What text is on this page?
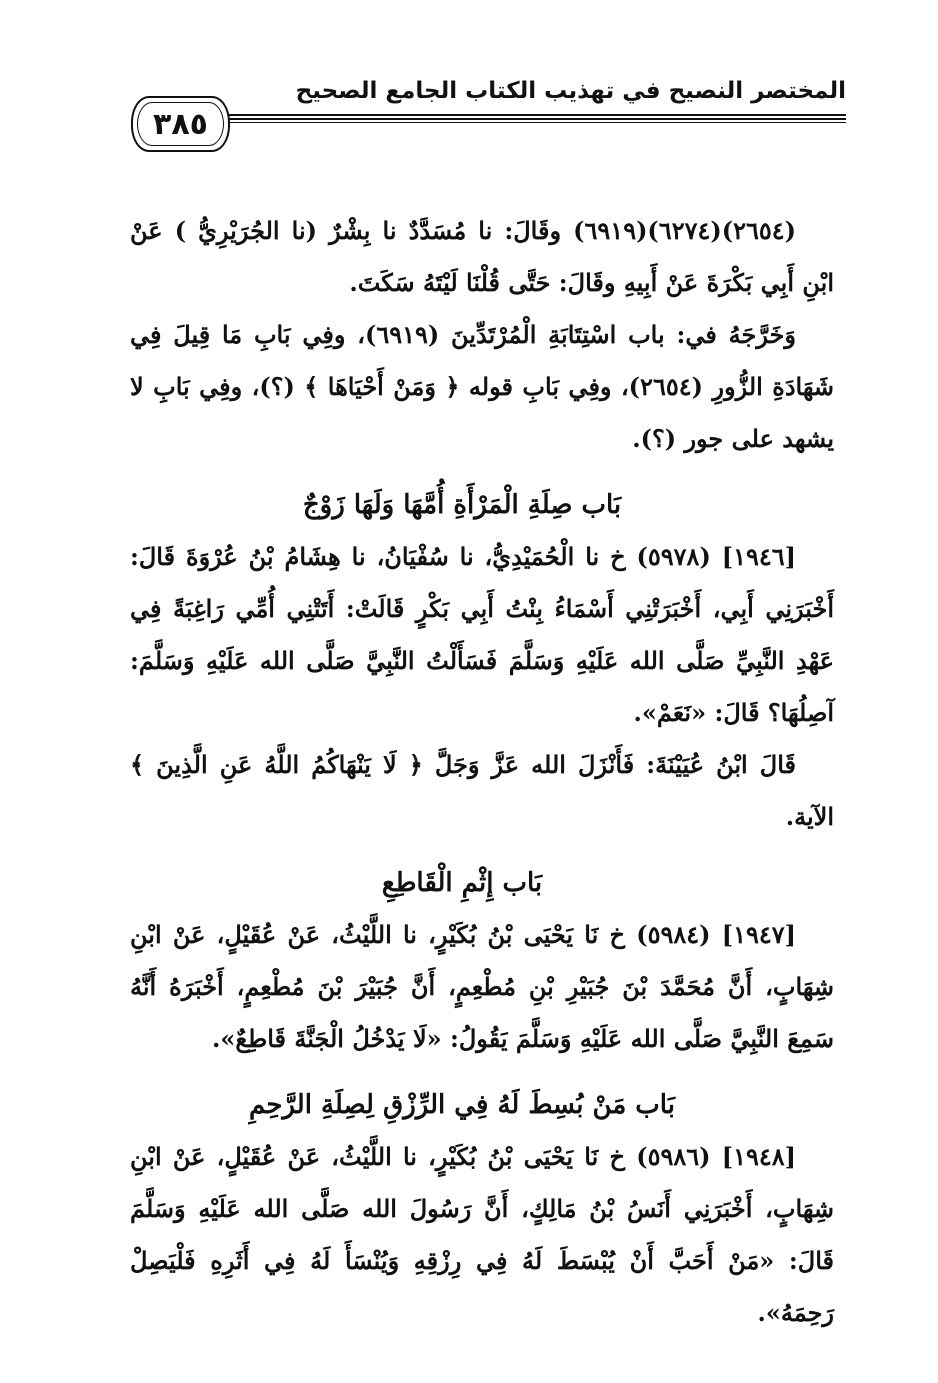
المختصر النصيح في تهذيب الكتاب الجامع الصحيح
٣٨٥

(٢٦٥٤)(٦٢٧٤)(٦٩١٩) وقَالَ: نا مُسَدَّدٌ نا بِشْرٌ (نا الجُرَيْرِيُّ ) عَنْ ابْنِ أَبِي بَكْرَةَ عَنْ أَبِيهِ وقَالَ: حَتَّى قُلْنَا لَيْتَهُ سَكَتَ.

وَخَرَّجَهُ في: باب اسْتِتَابَةِ الْمُرْتَدِّينَ (٦٩١٩)، وفِي بَابِ مَا قِيلَ فِي شَهَادَةِ الزُّورِ (٢٦٥٤)، وفِي بَابِ قوله ﴿ وَمَنْ أَحْيَاهَا ﴾ (؟)، وفِي بَابِ لا يشهد على جور (؟).

بَاب صِلَةِ الْمَرْأَةِ أُمَّهَا وَلَهَا زَوْجٌ

[١٩٤٦] (٥٩٧٨) خ نا الْحُمَيْدِيُّ، نا سُفْيَانُ، نا هِشَامُ بْنُ عُرْوَةَ قَالَ: أَخْبَرَنِي أَبِي، أَخْبَرَتْنِي أَسْمَاءُ بِنْتُ أَبِي بَكْرٍ قَالَتْ: أَتَتْنِي أُمِّي رَاغِبَةً فِي عَهْدِ النَّبِيِّ صَلَّى الله عَلَيْهِ وَسَلَّمَ فَسَأَلْتُ النَّبِيَّ صَلَّى الله عَلَيْهِ وَسَلَّمَ: آصِلُهَا؟ قَالَ: «نَعَمْ».

قَالَ ابْنُ عُيَيْنَةَ: فَأَنْزَلَ الله عَزَّ وَجَلَّ ﴿ لَا يَنْهَاكُمُ اللَّهُ عَنِ الَّذِينَ ﴾ الآية.

بَاب إِثْمِ الْقَاطِعِ

[١٩٤٧] (٥٩٨٤) خ نَا يَحْيَى بْنُ بُكَيْرٍ، نا اللَّيْثُ، عَنْ عُقَيْلٍ، عَنْ ابْنِ شِهَابٍ، أَنَّ مُحَمَّدَ بْنَ جُبَيْرِ بْنِ مُطْعِمٍ، أَنَّ جُبَيْرَ بْنَ مُطْعِمٍ، أَخْبَرَهُ أَنَّهُ سَمِعَ النَّبِيَّ صَلَّى الله عَلَيْهِ وَسَلَّمَ يَقُولُ: «لَا يَدْخُلُ الْجَنَّةَ قَاطِعٌ».

بَاب مَنْ بُسِطَ لَهُ فِي الرِّزْقِ لِصِلَةِ الرَّحِمِ

[١٩٤٨] (٥٩٨٦) خ نَا يَحْيَى بْنُ بُكَيْرٍ، نا اللَّيْثُ، عَنْ عُقَيْلٍ، عَنْ ابْنِ شِهَابٍ، أَخْبَرَنِي أَنَسُ بْنُ مَالِكٍ، أَنَّ رَسُولَ الله صَلَّى الله عَلَيْهِ وَسَلَّمَ قَالَ: «مَنْ أَحَبَّ أَنْ يُبْسَطَ لَهُ فِي رِزْقِهِ وَيُنْسَأَ لَهُ فِي أَثَرِهِ فَلْيَصِلْ رَحِمَهُ».
